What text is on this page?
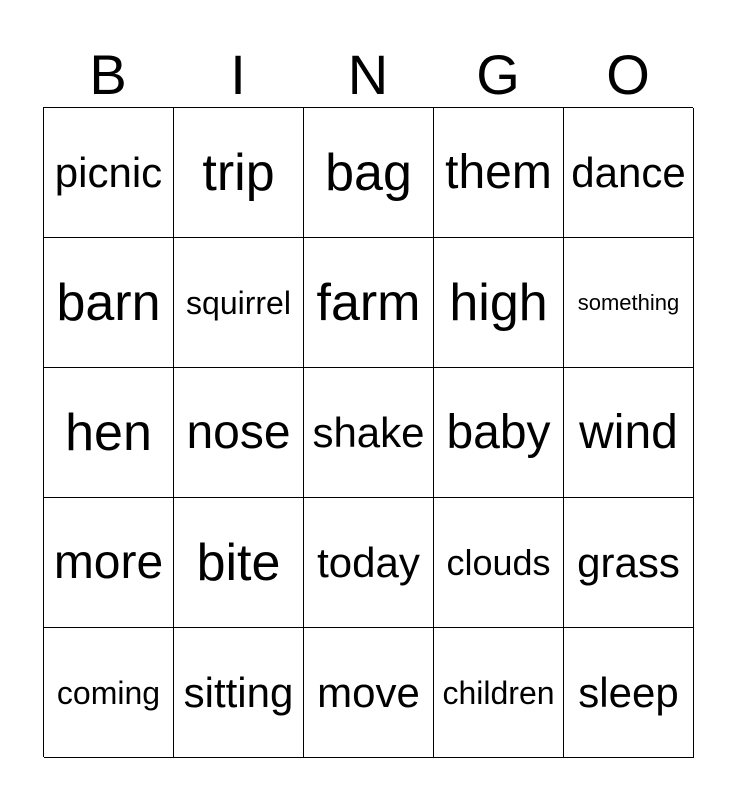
B	I	N	G	O
picnic trip bag them dance
barn squirrel farm high	something
hen nose shake baby wind
more bite today clouds grass
coming sitting move children sleep
